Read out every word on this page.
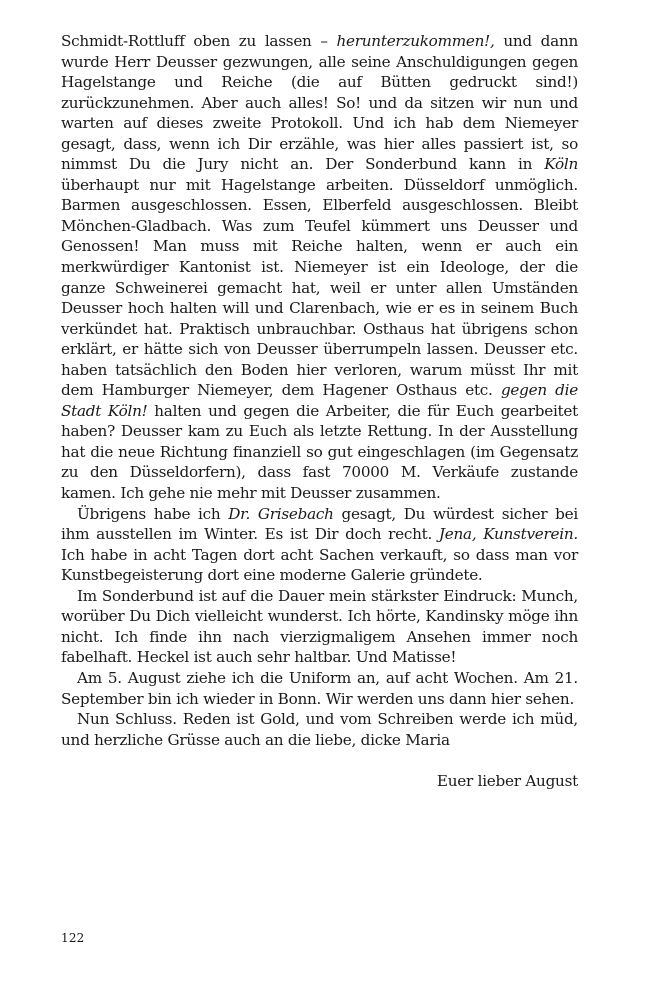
Schmidt-Rottluff oben zu lassen – herunterzukommen!, und dann wurde Herr Deusser gezwungen, alle seine Anschuldigungen gegen Hagelstange und Reiche (die auf Bütten gedruckt sind!) zurückzunehmen. Aber auch alles! So! und da sitzen wir nun und warten auf dieses zweite Protokoll. Und ich hab dem Niemeyer gesagt, dass, wenn ich Dir erzähle, was hier alles passiert ist, so nimmst Du die Jury nicht an. Der Sonderbund kann in Köln überhaupt nur mit Hagelstange arbeiten. Düsseldorf unmöglich. Barmen ausgeschlossen. Essen, Elberfeld ausgeschlossen. Bleibt Mönchen-Gladbach. Was zum Teufel kümmert uns Deusser und Genossen! Man muss mit Reiche halten, wenn er auch ein merkwürdiger Kantonist ist. Niemeyer ist ein Ideologe, der die ganze Schweinerei gemacht hat, weil er unter allen Umständen Deusser hoch halten will und Clarenbach, wie er es in seinem Buch verkündet hat. Praktisch unbrauchbar. Osthaus hat übrigens schon erklärt, er hätte sich von Deusser überrumpeln lassen. Deusser etc. haben tatsächlich den Boden hier verloren, warum müsst Ihr mit dem Hamburger Niemeyer, dem Hagener Osthaus etc. gegen die Stadt Köln! halten und gegen die Arbeiter, die für Euch gearbeitet haben? Deusser kam zu Euch als letzte Rettung. In der Ausstellung hat die neue Richtung finanziell so gut eingeschlagen (im Gegensatz zu den Düsseldorfern), dass fast 70000 M. Verkäufe zustande kamen. Ich gehe nie mehr mit Deusser zusammen.

Übrigens habe ich Dr. Grisebach gesagt, Du würdest sicher bei ihm ausstellen im Winter. Es ist Dir doch recht. Jena, Kunstverein. Ich habe in acht Tagen dort acht Sachen verkauft, so dass man vor Kunstbegeisterung dort eine moderne Galerie gründete.

Im Sonderbund ist auf die Dauer mein stärkster Eindruck: Munch, worüber Du Dich vielleicht wunderst. Ich hörte, Kandinsky möge ihn nicht. Ich finde ihn nach vierzigmaligem Ansehen immer noch fabelhaft. Heckel ist auch sehr haltbar. Und Matisse!

Am 5. August ziehe ich die Uniform an, auf acht Wochen. Am 21. September bin ich wieder in Bonn. Wir werden uns dann hier sehen.

Nun Schluss. Reden ist Gold, und vom Schreiben werde ich müd, und herzliche Grüsse auch an die liebe, dicke Maria

Euer lieber August

122
